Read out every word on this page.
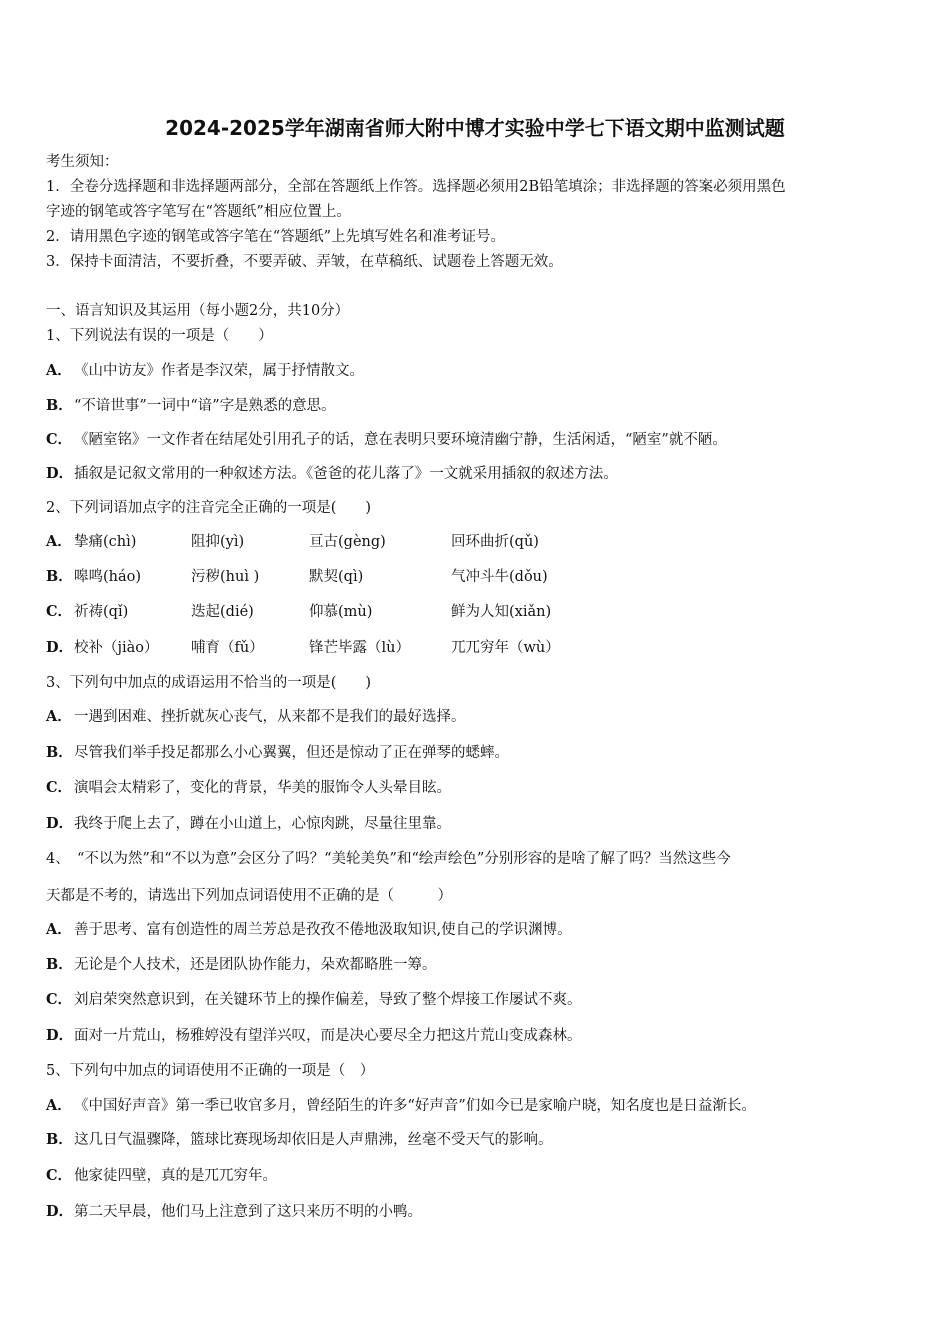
2024-2025学年湖南省师大附中博才实验中学七下语文期中监测试题
考生须知：
1．全卷分选择题和非选择题两部分，全部在答题纸上作答。选择题必须用2B铅笔填涂；非选择题的答案必须用黑色
字迹的钢笔或答字笔写在“答题纸”相应位置上。
2．请用黑色字迹的钢笔或答字笔在“答题纸”上先填写姓名和准考证号。
3．保持卡面清洁，不要折叠，不要弄破、弄皱，在草稿纸、试题卷上答题无效。
一、语言知识及其运用（每小题2分，共10分）
1、下列说法有误的一项是（　　）
A． 《山中访友》作者是李汉荣，属于抒情散文。
B．“不谙世事”一词中“谙”字是熟悉的意思。
C． 《陋室铭》一文作者在结尾处引用孔子的话，意在表明只要环境清幽宁静，生活闲适，“陋室”就不陋。
D．插叙是记叙文常用的一种叙述方法。《爸爸的花儿落了》一文就采用插叙的叙述方法。
2、下列词语加点字的注音完全正确的一项是(　　)
A． 挚痛(chì)	阻抑(yì)	亘古(gèng)	回环曲折(qǔ)
B． 嗥鸣(háo)	污秽(huì )	默契(qì)	气冲斗牛(dǒu)
C． 祈祷(qǐ)	迭起(dié)	仰慕(mù)	鲜为人知(xiǎn)
D． 校补（jiào） 哺育（fǔ）	锋芒毕露（lù）	兀兀穷年（wù）
3、下列句中加点的成语运用不恰当的一项是(　　)
A． 一遇到困难、挫折就灰心丧气，从来都不是我们的最好选择。
B．尽管我们举手投足都那么小心翼翼，但还是惊动了正在弹琴的蟋蟀。
C． 演唱会太精彩了，变化的背景，华美的服饰令人头晕目眩。
D．我终于爬上去了，蹲在小山道上，心惊肉跳，尽量往里靠。
4、　“不以为然”和“不以为意”会区分了吗？“美轮美奂”和“绘声绘色”分别形容的是啥了解了吗？当然这些今
天都是不考的，请选出下列加点词语使用不正确的是（　　　）
A． 善于思考、富有创造性的周兰芳总是孜孜不倦地汲取知识,使自己的学识渊博。
B．无论是个人技术，还是团队协作能力，朵欢都略胜一筹。
C． 刘启荣突然意识到，在关键环节上的操作偏差，导致了整个焊接工作屡试不爽。
D．面对一片荒山，杨雅婷没有望洋兴叹，而是决心要尽全力把这片荒山变成森林。
5、下列句中加点的词语使用不正确的一项是（　）
A． 《中国好声音》第一季已收官多月，曾经陌生的许多“好声音”们如今已是家喻户晓，知名度也是日益渐长。
B．这几日气温骤降，篮球比赛现场却依旧是人声鼎沸，丝毫不受天气的影响。
C． 他家徒四壁，真的是兀兀穷年。
D．第二天早晨，他们马上注意到了这只来历不明的小鸭。
